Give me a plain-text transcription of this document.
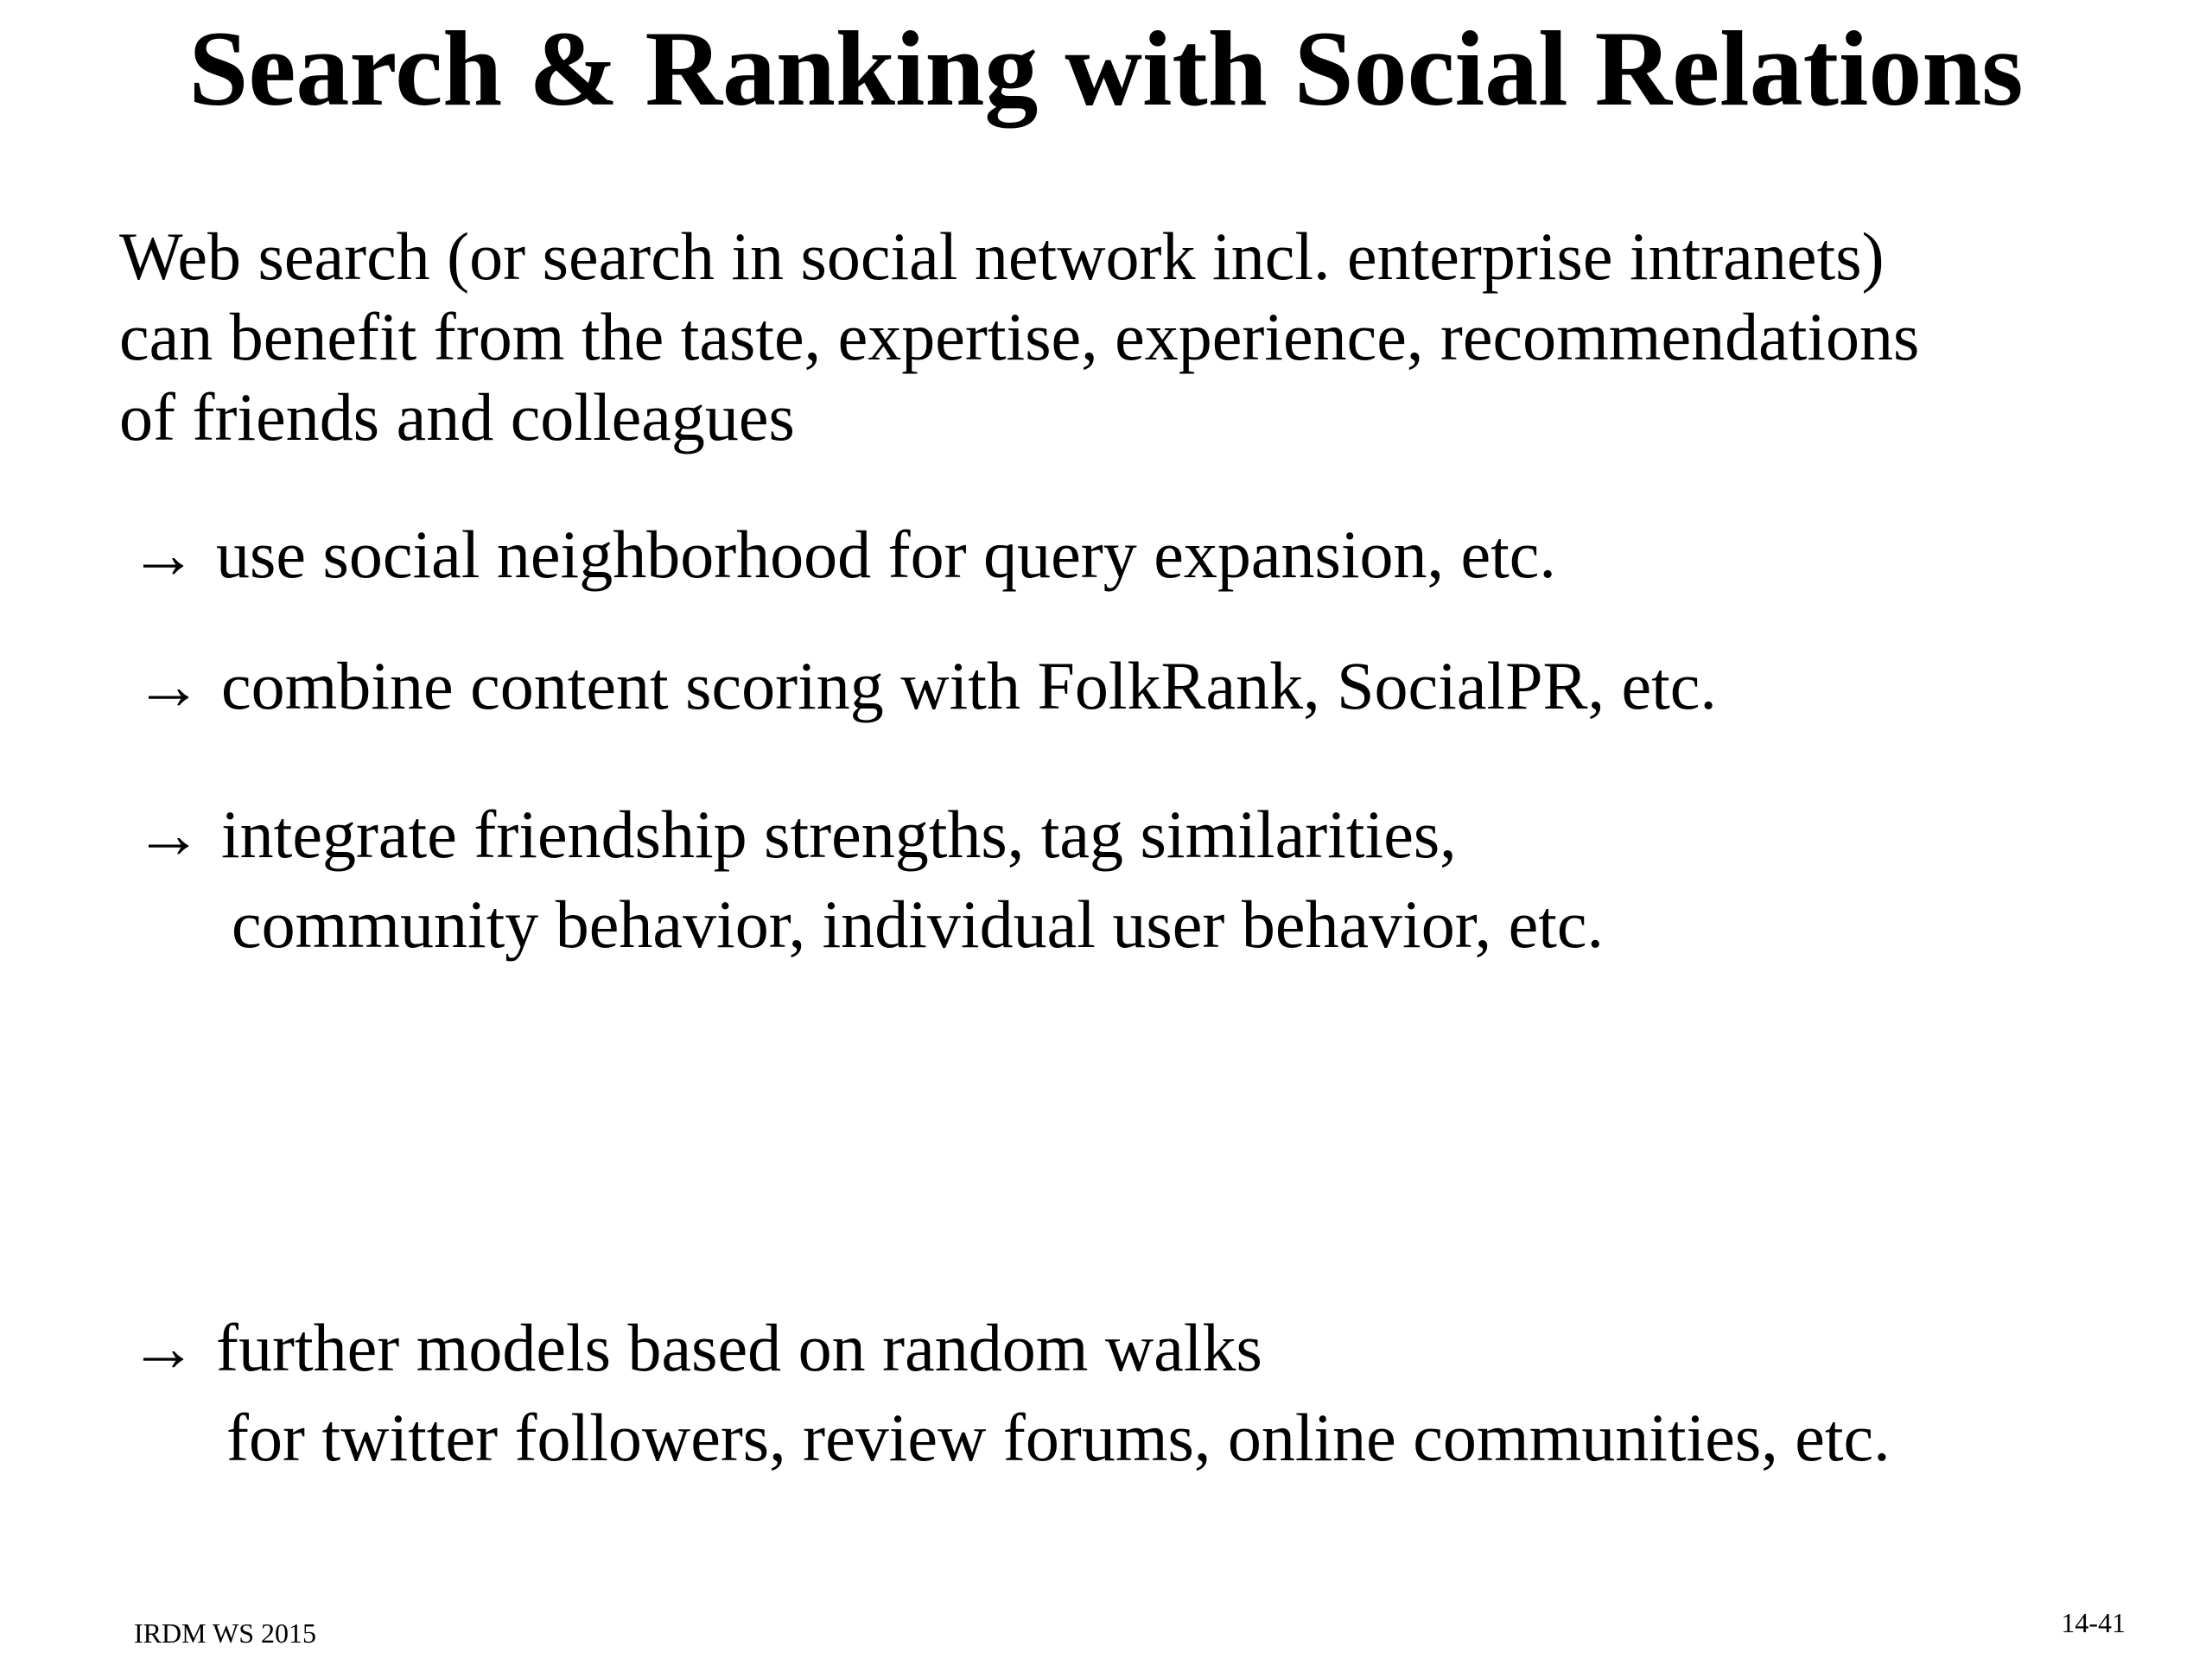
Search & Ranking with Social Relations
Web search (or search in social network incl. enterprise intranets)
can benefit from the taste, expertise, experience, recommendations
of friends and colleagues
→ use social neighborhood for query expansion, etc.
→ combine content scoring with FolkRank, SocialPR, etc.
→ integrate friendship strengths, tag similarities,
community behavior, individual user behavior, etc.
→ further models based on random walks
for twitter followers, review forums, online communities, etc.
IRDM WS 2015	14-41
